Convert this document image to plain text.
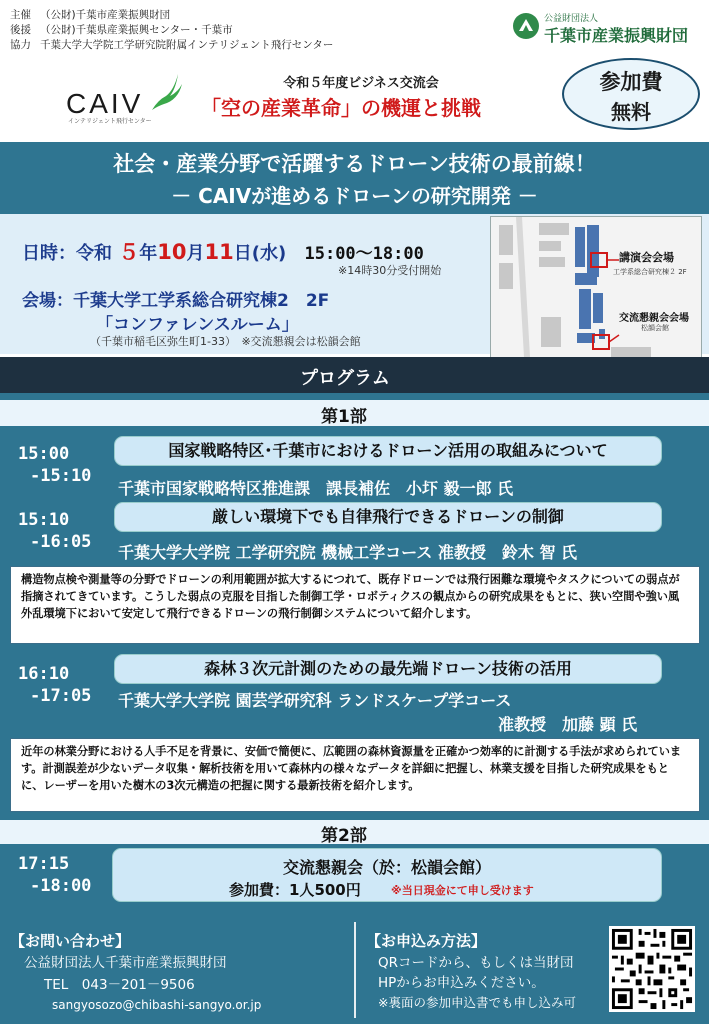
主催 （公財)千葉市産業振興財団
後援 （公財)千葉県産業振興センター・千葉市
協力 千葉大学大学院工学研究院附属インテリジェント飛行センター
公益財団法人
千葉市産業振興財団
CAIV
インテリジェント飛行センター
令和５年度ビジネス交流会
「空の産業革命」の機運と挑戦
参加費
無料
社会・産業分野で活躍するドローン技術の最前線！
－ CAIVが進めるドローンの研究開発 －
日時：令和 ５年10月11日(水) 15:00～18:00
※14時30分受付開始
会場：千葉大学工学系総合研究棟2　2F
「コンファレンスルーム」
（千葉市稲毛区弥生町1-33）　※交流懇親会は松韻会館
講演会会場
工学系総合研究棟２ 2F
交流懇親会会場
松韻会館
プログラム
第1部
15:00
-15:10
国家戦略特区･千葉市におけるドローン活用の取組みについて
千葉市国家戦略特区推進課　課長補佐　小圷 毅一郎 氏
15:10
-16:05
厳しい環境下でも自律飛行できるドローンの制御
千葉大学大学院 工学研究院 機械工学コース 准教授　鈴木 智 氏
構造物点検や測量等の分野でドローンの利用範囲が拡大するにつれて、既存ドローンでは飛行困難な環境やタスクについての弱点が指摘されてきています。こうした弱点の克服を目指した制御工学・ロボティクスの観点からの研究成果をもとに、狭い空間や強い風外乱環境下において安定して飛行できるドローンの飛行制御システムについて紹介します。
16:10
-17:05
森林３次元計測のための最先端ドローン技術の活用
千葉大学大学院 園芸学研究科 ランドスケープ学コース
准教授　加藤 顕 氏
近年の林業分野における人手不足を背景に、安価で簡便に、広範囲の森林資源量を正確かつ効率的に計測する手法が求められています。計測誤差が少ないデータ収集・解析技術を用いて森林内の様々なデータを詳細に把握し、林業支援を目指した研究成果をもとに、レーザーを用いた樹木の3次元構造の把握に関する最新技術を紹介します。
第2部
17:15
-18:00
交流懇親会（於：松韻会館）
参加費：1人500円	※当日現金にて申し受けます
【お問い合わせ】
公益財団法人千葉市産業振興財団
TEL　043－201－9506
sangyosozo@chibashi-sangyo.or.jp
【お申込み方法】
QRコードから、もしくは当財団
HPからお申込みください。
※裏面の参加申込書でも申し込み可
